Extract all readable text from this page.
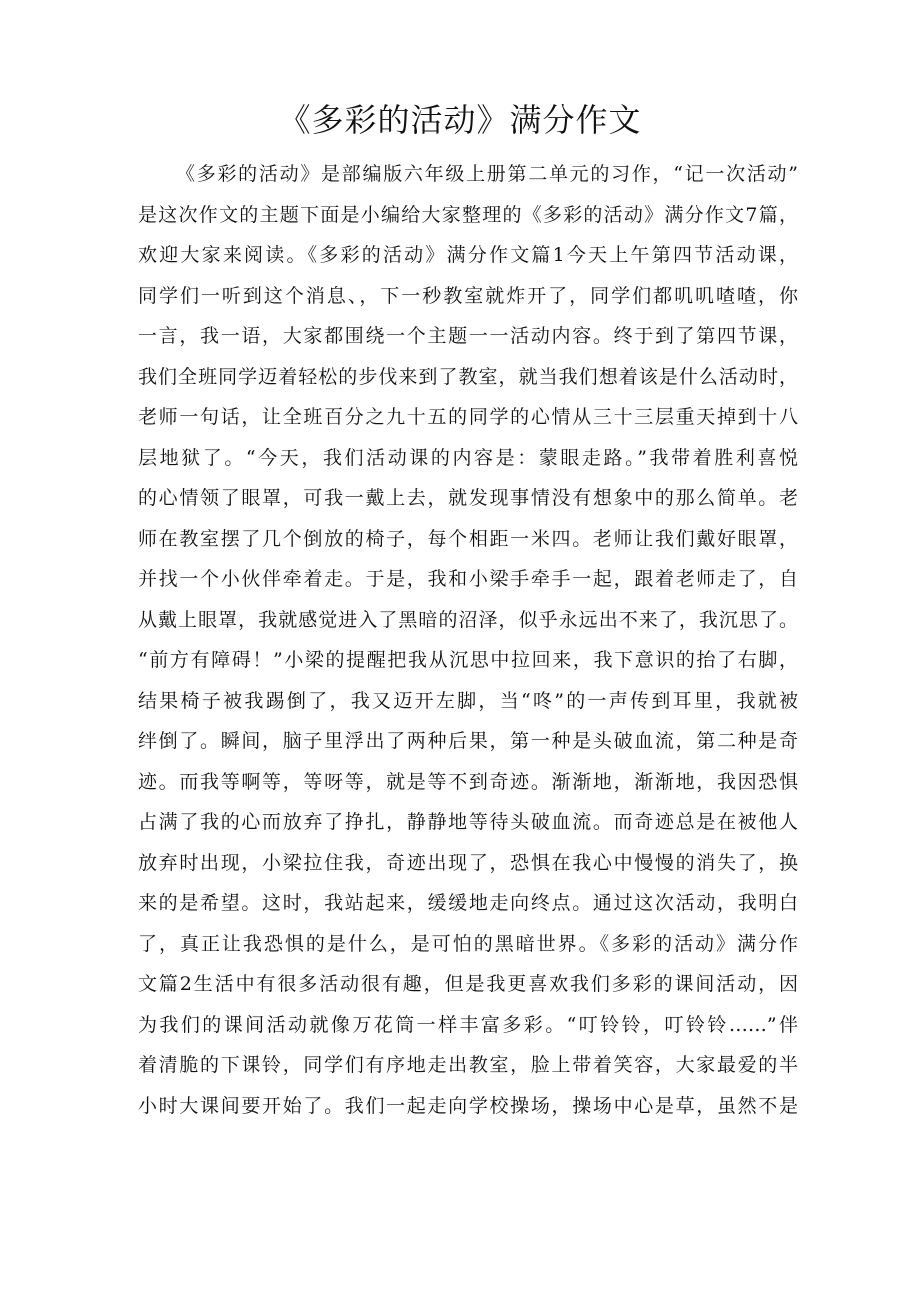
《多彩的活动》满分作文
《多彩的活动》是部编版六年级上册第二单元的习作，“记一次活动”
是这次作文的主题下面是小编给大家整理的《多彩的活动》满分作文7篇，
欢迎大家来阅读。《多彩的活动》满分作文篇1今天上午第四节活动课，
同学们一听到这个消息、，下一秒教室就炸开了，同学们都叽叽喳喳，你
一言，我一语，大家都围绕一个主题一一活动内容。终于到了第四节课，
我们全班同学迈着轻松的步伐来到了教室，就当我们想着该是什么活动时，
老师一句话，让全班百分之九十五的同学的心情从三十三层重天掉到十八
层地狱了。“今天，我们活动课的内容是：蒙眼走路。”我带着胜利喜悦
的心情领了眼罩，可我一戴上去，就发现事情没有想象中的那么简单。老
师在教室摆了几个倒放的椅子，每个相距一米四。老师让我们戴好眼罩，
并找一个小伙伴牵着走。于是，我和小梁手牵手一起，跟着老师走了，自
从戴上眼罩，我就感觉进入了黑暗的沼泽，似乎永远出不来了，我沉思了。
“前方有障碍！”小梁的提醒把我从沉思中拉回来，我下意识的抬了右脚，
结果椅子被我踢倒了，我又迈开左脚，当“咚”的一声传到耳里，我就被
绊倒了。瞬间，脑子里浮出了两种后果，第一种是头破血流，第二种是奇
迹。而我等啊等，等呀等，就是等不到奇迹。渐渐地，渐渐地，我因恐惧
占满了我的心而放弃了挣扎，静静地等待头破血流。而奇迹总是在被他人
放弃时出现，小梁拉住我，奇迹出现了，恐惧在我心中慢慢的消失了，换
来的是希望。这时，我站起来，缓缓地走向终点。通过这次活动，我明白
了，真正让我恐惧的是什么，是可怕的黑暗世界。《多彩的活动》满分作
文篇2生活中有很多活动很有趣，但是我更喜欢我们多彩的课间活动，因
为我们的课间活动就像万花筒一样丰富多彩。“叮铃铃，叮铃铃……”伴
着清脆的下课铃，同学们有序地走出教室，脸上带着笑容，大家最爱的半
小时大课间要开始了。我们一起走向学校操场，操场中心是草，虽然不是
